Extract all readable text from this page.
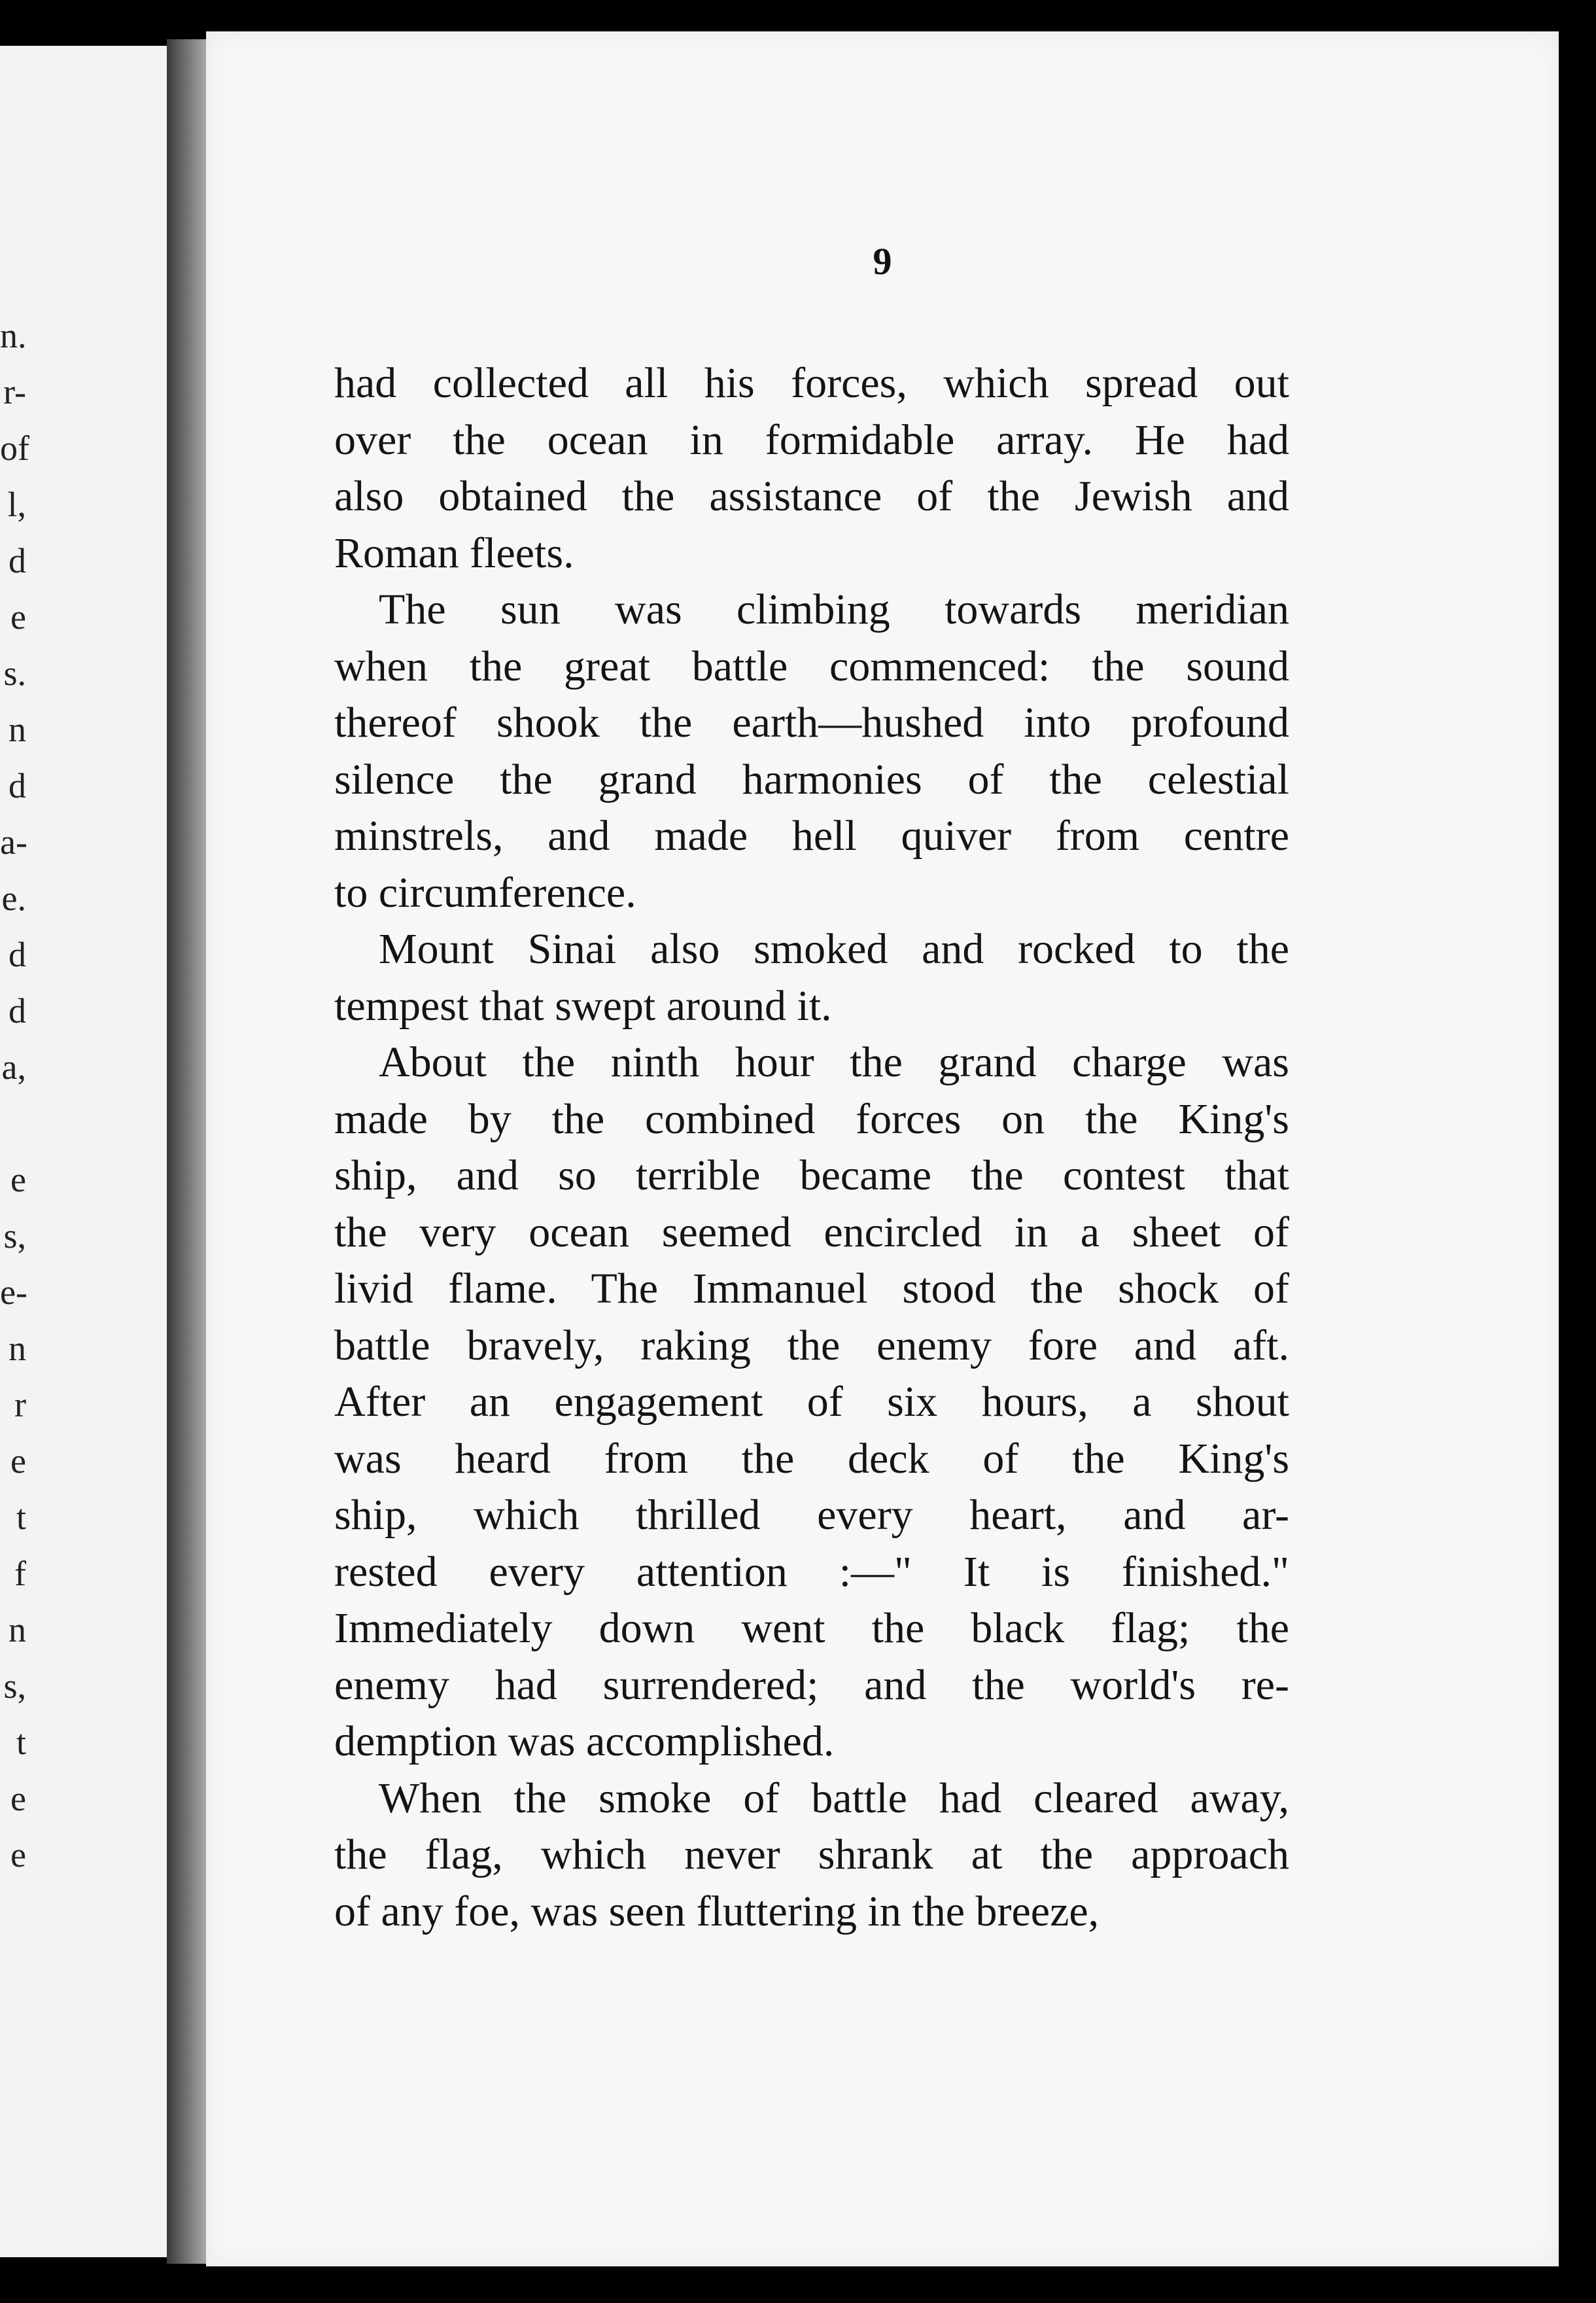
n.
r-
of
l,
d
e
s.
n
d
a-
e.
d
d
a,
e
s,
e-
n
r
e
t
f
n
s,
t
e
e
9
had collected all his forces, which spread out
over the ocean in formidable array. He had
also obtained the assistance of the Jewish and
Roman fleets.
The sun was climbing towards meridian
when the great battle commenced: the sound
thereof shook the earth—hushed into profound
silence the grand harmonies of the celestial
minstrels, and made hell quiver from centre
to circumference.
Mount Sinai also smoked and rocked to the
tempest that swept around it.
About the ninth hour the grand charge was
made by the combined forces on the King's
ship, and so terrible became the contest that
the very ocean seemed encircled in a sheet of
livid flame. The Immanuel stood the shock of
battle bravely, raking the enemy fore and aft.
After an engagement of six hours, a shout
was heard from the deck of the King's
ship, which thrilled every heart, and ar-
rested every attention :—" It is finished."
Immediately down went the black flag; the
enemy had surrendered; and the world's re-
demption was accomplished.
When the smoke of battle had cleared away,
the flag, which never shrank at the approach
of any foe, was seen fluttering in the breeze,
